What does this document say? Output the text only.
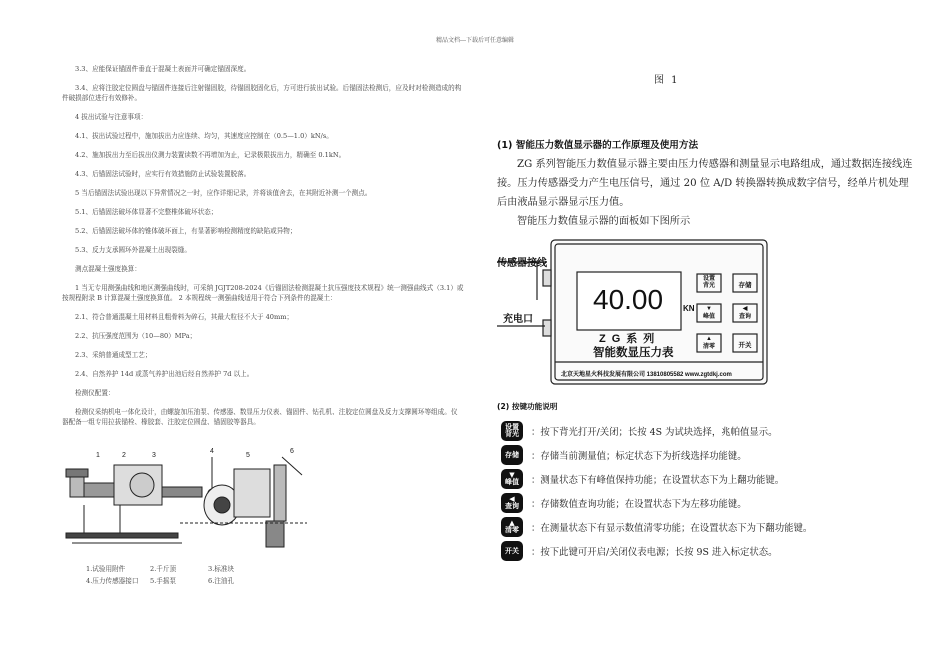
精品文档---下载后可任意编辑

3.3、应能保证锚固件垂直于混凝土表面并可确定锚固深度。

3.4、应将注胶定位圆盘与锚固件连接后注射锚固胶，待锚固胶固化后，方可进行拔出试验。后锚固法检测后，应及时对检测造成的构件破损部位进行有效修补。

4 拔出试验与注意事项：

4.1、拔出试验过程中，施加拔出力应连续、均匀，其速度应控制在（0.5—1.0）kN/s。

4.2、施加拔出力至后拔出仪测力装置读数不再增加为止，记录极限拔出力，精确至 0.1kN。

4.3、后锚固法试验时，应实行有效措施防止试验装置脱落。

5 当后锚固法试验出现以下异常情况之一时，应作详细记录，并将该值舍去，在其附近补测一个测点。

5.1、后锚固法破坏体显著不完整椎体破坏状态；

5.2、后锚固法破坏体的锥体破坏面上，有显著影响检测精度的缺陷或异物；

5.3、反力支承圆环外混凝土出现裂缝。

测点混凝土强度换算：

1 当无专用测强曲线和地区测强曲线时，可采纳 JGJT208-2024《后锚固法检测混凝土抗压强度技术规程》统一测强曲线式（3.1）或按规程附录 B 计算混凝土强度换算值。 2 本规程统一测强曲线适用于符合下列条件的混凝土：

2.1、符合普通混凝土用材料且粗骨料为碎石，其最大粒径不大于 40mm；

2.2、抗压强度范围为（10—80）MPa；

2.3、采纳普通成型工艺；

2.4、自然养护 14d 或蒸气养护出池后经自然养护 7d 以上。

检测仪配置：

检测仪采纳机电一体化设计，由螺旋加压油泵、传感器、数显压力仪表、锚固件、钻孔机、注胶定位圆盘及反力支撑圆环等组成。仪器配备一组专用拉拔锚栓、橡胶套、注胶定位圆盘、锚固胶等器具。

1	2	3
4
5
6
1.试验用附件	2.千斤顶	3.标准块
4.压力传感器接口 5.手摇泵	6.注油孔
图 1
(1) 智能压力数值显示器的工作原理及使用方法

ZG 系列智能压力数值显示器主要由压力传感器和测量显示电路组成，通过数据连接线连接。压力传感器受力产生电压信号，通过 20 位 A/D 转换器转换成数字信号，经单片机处理后由液晶显示器显示压力值。

智能压力数值显示器的面板如下图所示

传感器接线
充电口
40.00 KN
ZG系列
智能数显压力表
北京天地星火科技发展有限公司 13810805582 www.zgtdkj.com
设置
背光	存储
▼
峰值
◀
查询
▲
清零	开关
(2) 按键功能说明
设置
背光 ：按下背光打开/关闭；长按 4S 为试块选择，兆帕值显示。
存储 ：存储当前测量值；标定状态下为折线选择功能键。
▼
峰值 ：测量状态下有峰值保持功能；在设置状态下为上翻功能键。
◀
查询 ：存储数值查询功能；在设置状态下为左移功能键。
▲
清零 ：在测量状态下有显示数值清零功能；在设置状态下为下翻功能键。
开关 ：按下此键可开启/关闭仪表电源；长按 9S 进入标定状态。
